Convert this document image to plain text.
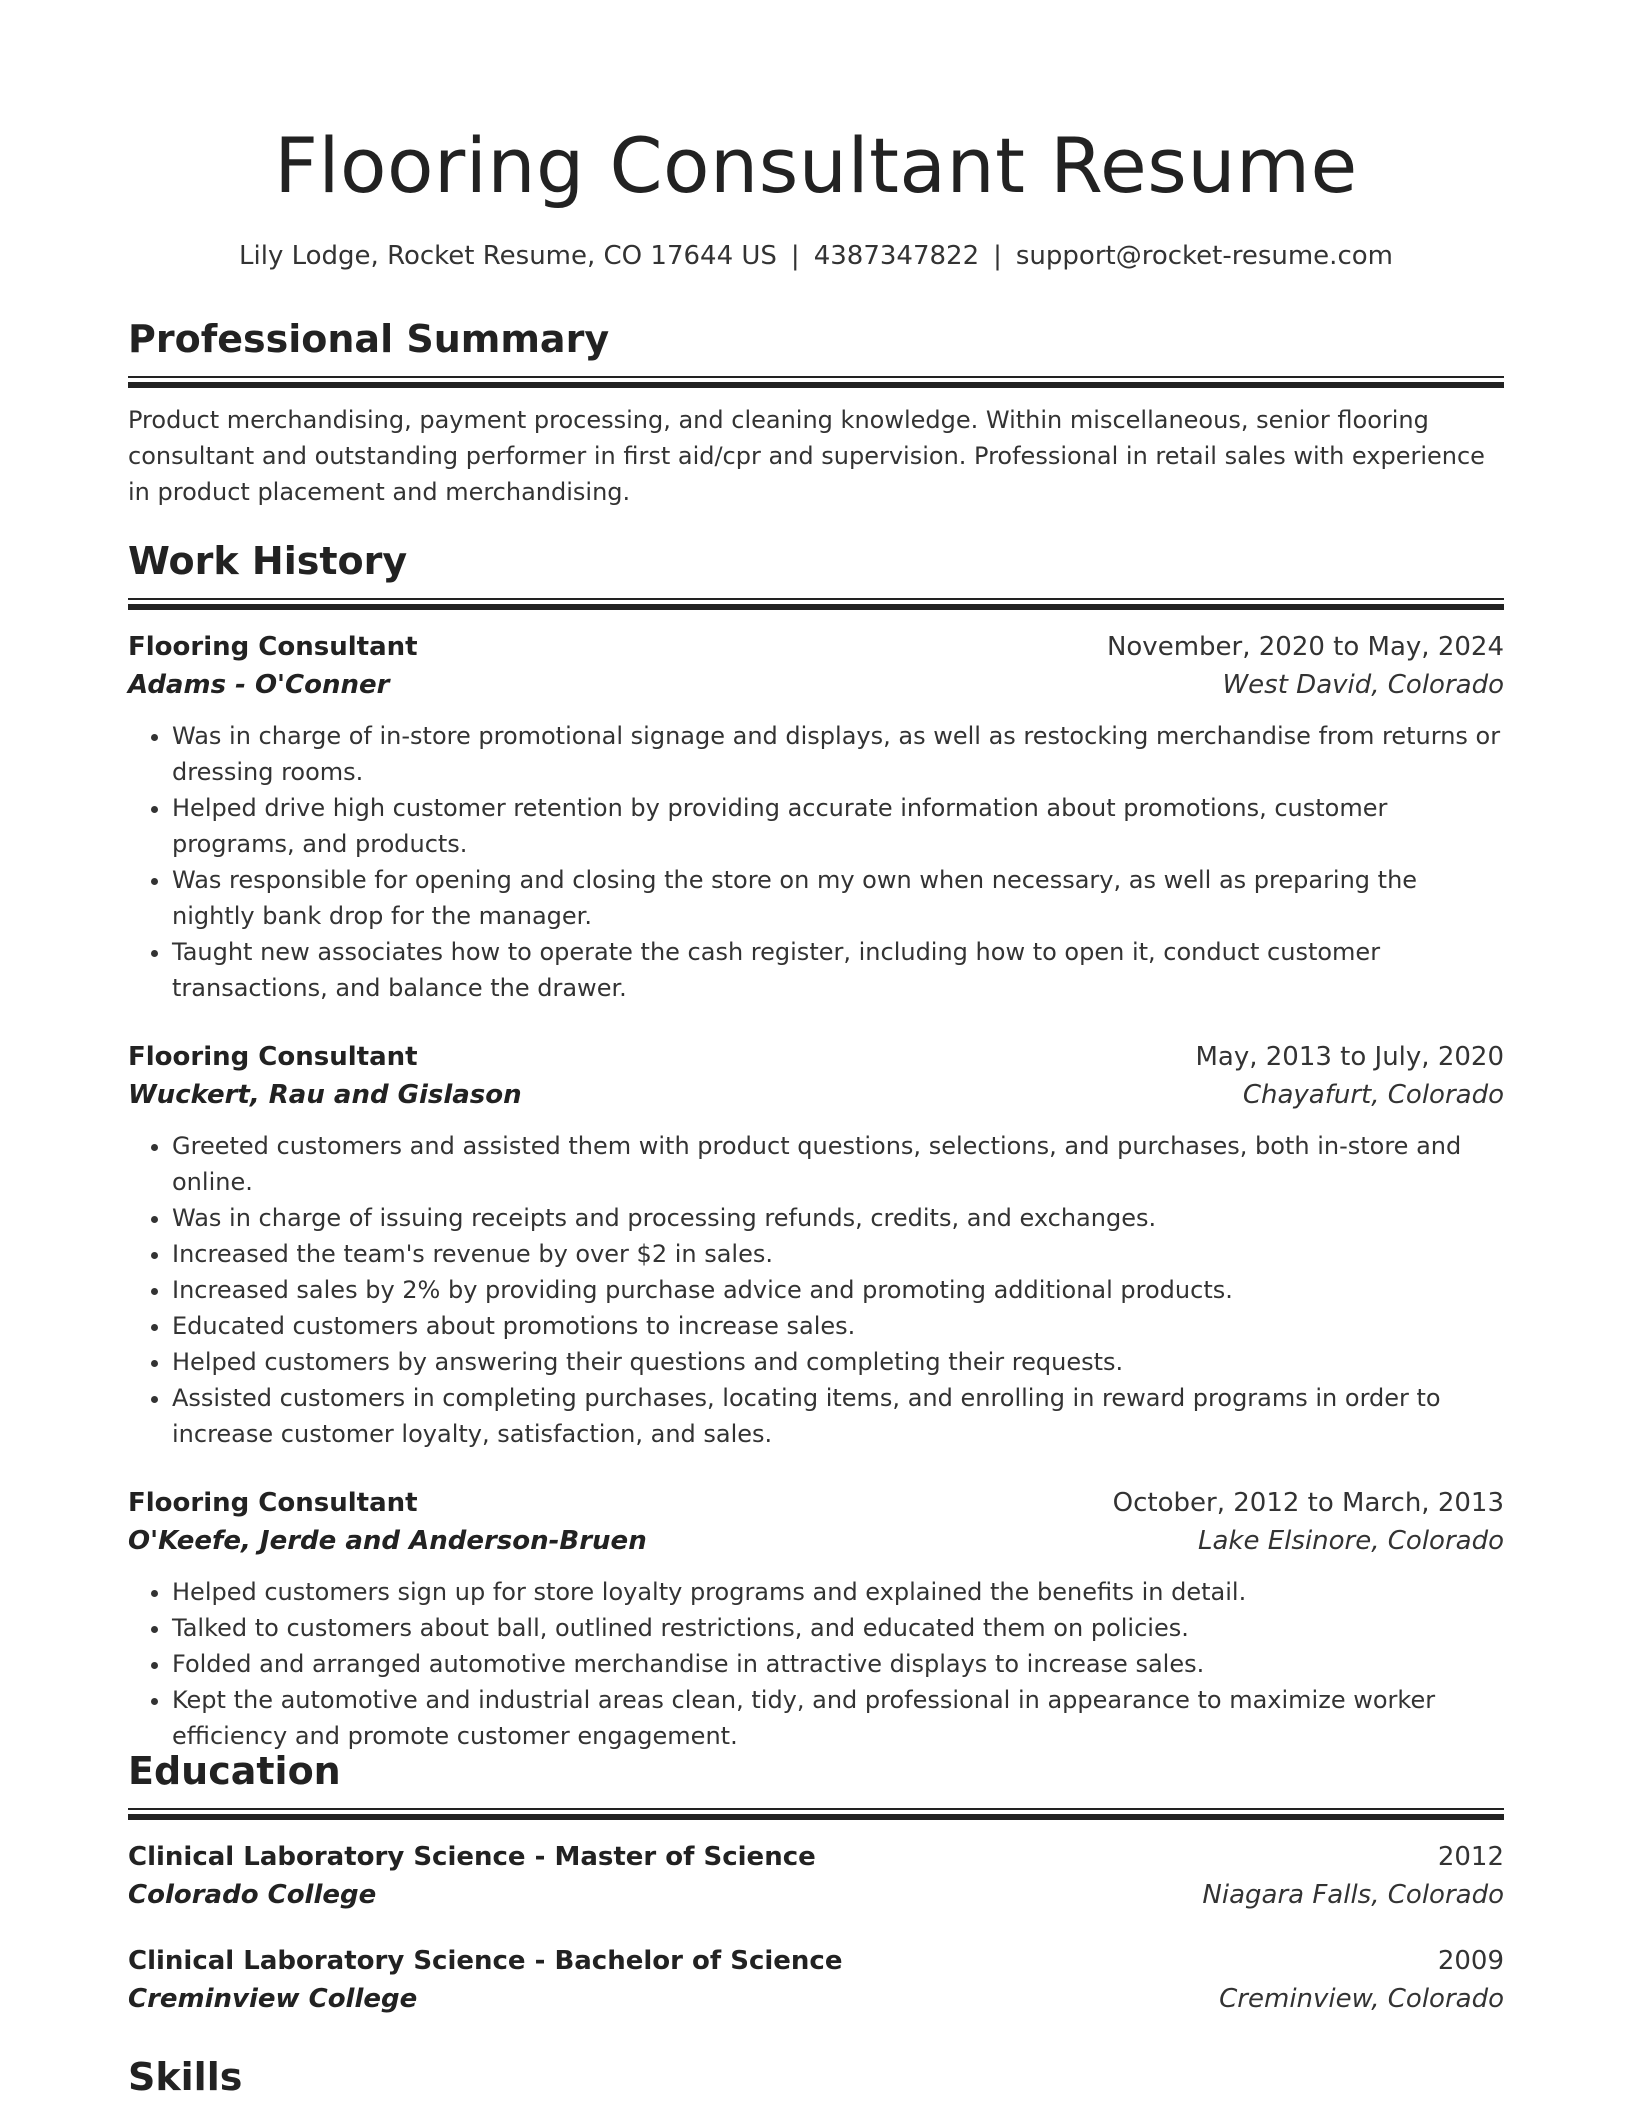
Flooring Consultant Resume
Lily Lodge, Rocket Resume, CO 17644 US | 4387347822 | support@rocket-resume.com
Professional Summary
Product merchandising, payment processing, and cleaning knowledge. Within miscellaneous, senior flooring consultant and outstanding performer in first aid/cpr and supervision. Professional in retail sales with experience in product placement and merchandising.
Work History
Flooring Consultant	November, 2020 to May, 2024
Adams - O'Conner	West David, Colorado
• Was in charge of in-store promotional signage and displays, as well as restocking merchandise from returns or dressing rooms.
• Helped drive high customer retention by providing accurate information about promotions, customer programs, and products.
• Was responsible for opening and closing the store on my own when necessary, as well as preparing the nightly bank drop for the manager.
• Taught new associates how to operate the cash register, including how to open it, conduct customer transactions, and balance the drawer.
Flooring Consultant	May, 2013 to July, 2020
Wuckert, Rau and Gislason	Chayafurt, Colorado
• Greeted customers and assisted them with product questions, selections, and purchases, both in-store and online.
• Was in charge of issuing receipts and processing refunds, credits, and exchanges.
• Increased the team's revenue by over $2 in sales.
• Increased sales by 2% by providing purchase advice and promoting additional products.
• Educated customers about promotions to increase sales.
• Helped customers by answering their questions and completing their requests.
• Assisted customers in completing purchases, locating items, and enrolling in reward programs in order to increase customer loyalty, satisfaction, and sales.
Flooring Consultant	October, 2012 to March, 2013
O'Keefe, Jerde and Anderson-Bruen	Lake Elsinore, Colorado
• Helped customers sign up for store loyalty programs and explained the benefits in detail.
• Talked to customers about ball, outlined restrictions, and educated them on policies.
• Folded and arranged automotive merchandise in attractive displays to increase sales.
• Kept the automotive and industrial areas clean, tidy, and professional in appearance to maximize worker efficiency and promote customer engagement.
Education
Clinical Laboratory Science - Master of Science	2012
Colorado College	Niagara Falls, Colorado
Clinical Laboratory Science - Bachelor of Science	2009
Creminview College	Creminview, Colorado
Skills
